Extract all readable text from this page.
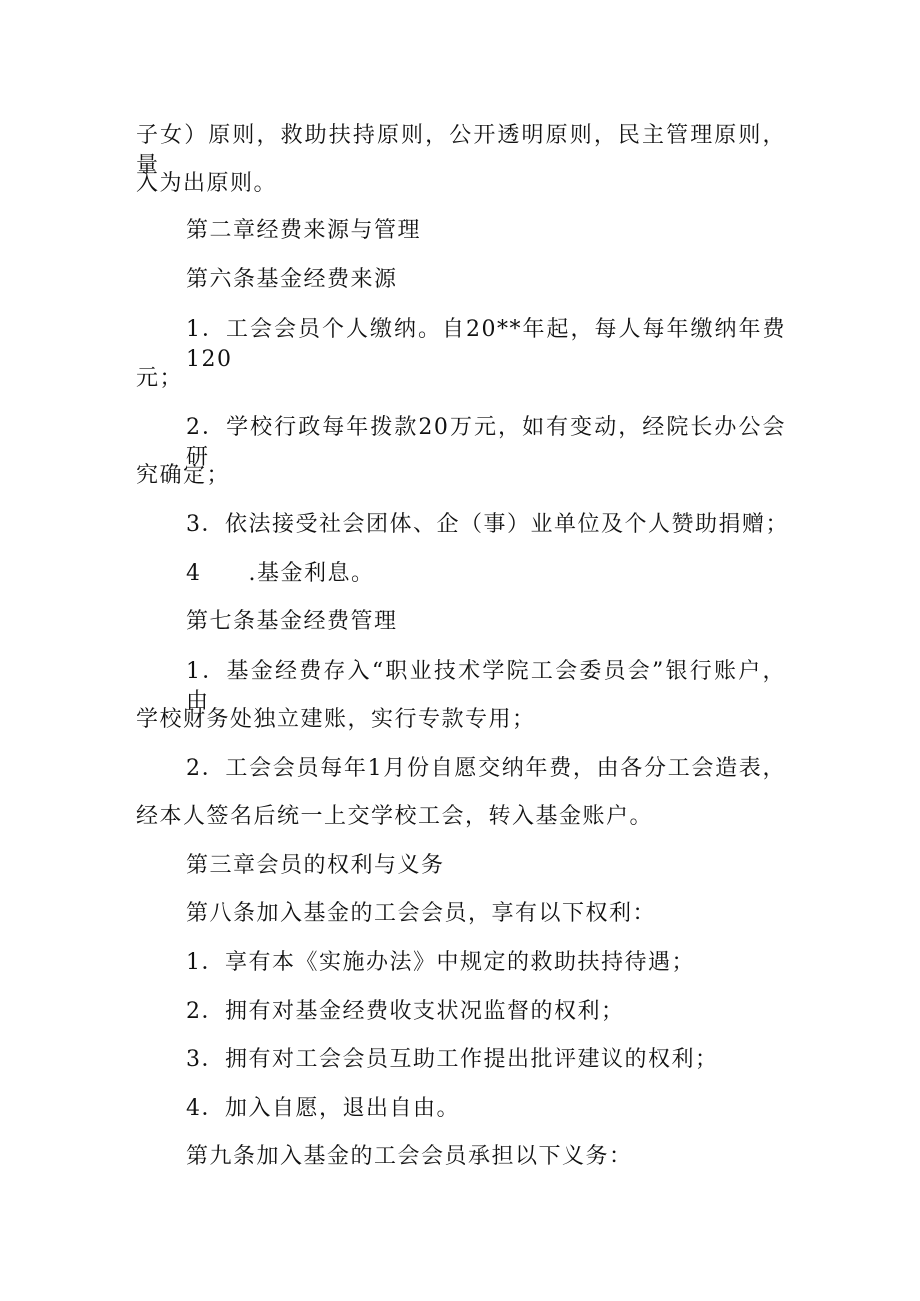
子女）原则，救助扶持原则，公开透明原则，民主管理原则，量
入为出原则。
第二章经费来源与管理
第六条基金经费来源
1．工会会员个人缴纳。自20**年起，每人每年缴纳年费120
元；
2．学校行政每年拨款20万元，如有变动，经院长办公会研
究确定；
3．依法接受社会团体、企（事）业单位及个人赞助捐赠；
4　　.基金利息。
第七条基金经费管理
1．基金经费存入“职业技术学院工会委员会”银行账户，由
学校财务处独立建账，实行专款专用；
2．工会会员每年1月份自愿交纳年费，由各分工会造表，
经本人签名后统一上交学校工会，转入基金账户。
第三章会员的权利与义务
第八条加入基金的工会会员，享有以下权利：
1．享有本《实施办法》中规定的救助扶持待遇；
2．拥有对基金经费收支状况监督的权利；
3．拥有对工会会员互助工作提出批评建议的权利；
4．加入自愿，退出自由。
第九条加入基金的工会会员承担以下义务：
